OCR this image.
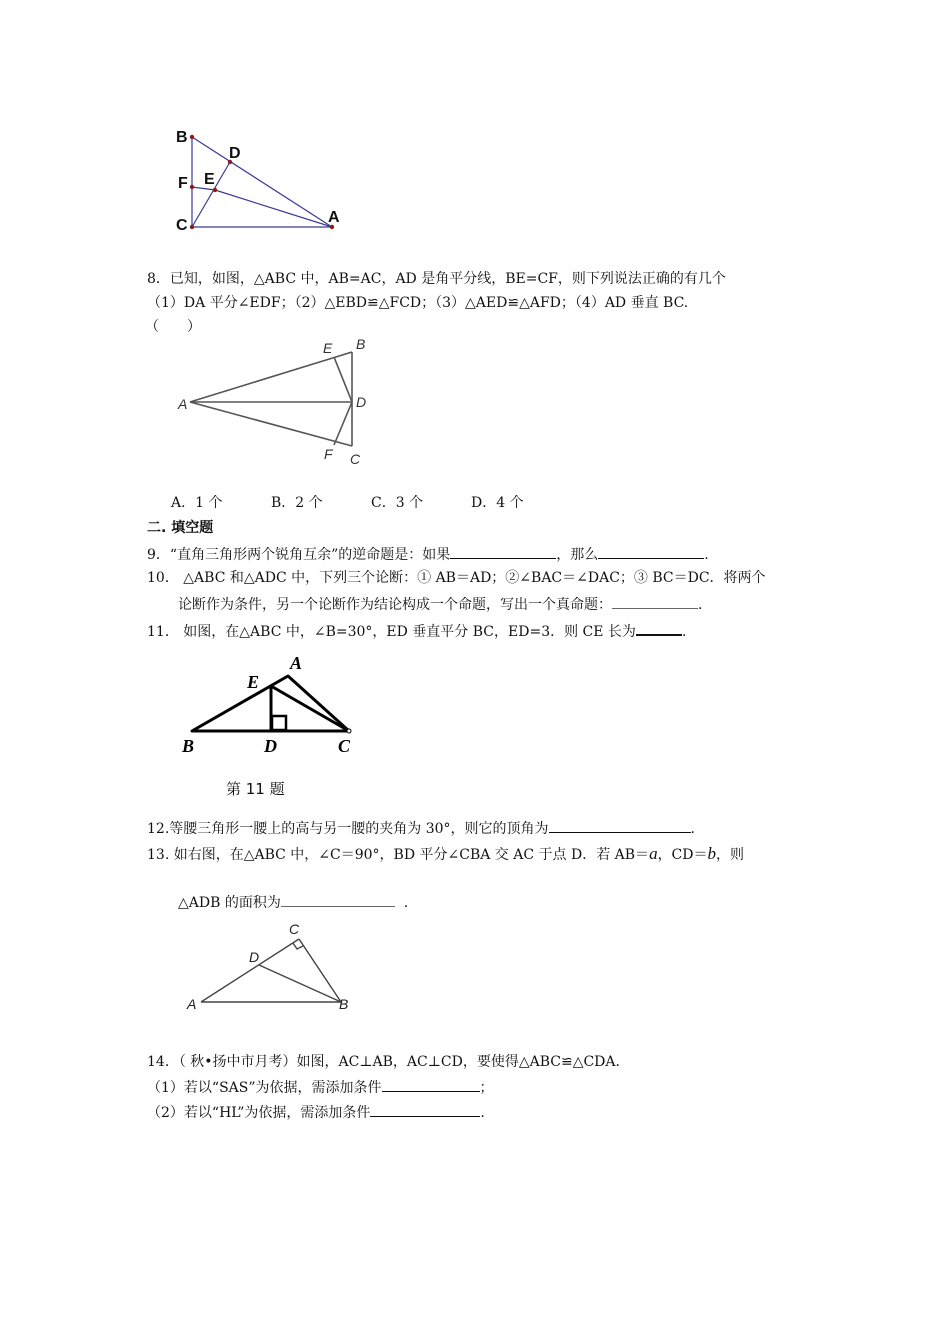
B
D
F E
C	A
8．已知，如图，△ABC 中，AB=AC，AD 是角平分线，BE=CF，则下列说法正确的有几个
（1）DA 平分∠EDF；（2）△EBD≌△FCD；（3）△AED≌△AFD；（4）AD 垂直 BC.
（　　）
E B
A	D
F C
A．1 个	B．2 个	C．3 个	D．4 个
二. 填空题
9．“直角三角形两个锐角互余”的逆命题是：如果	，那么	.
10． △ABC 和△ADC 中，下列三个论断：① AB＝AD；②∠BAC＝∠DAC；③ BC＝DC．将两个
论断作为条件，另一个论断作为结论构成一个命题，写出一个真命题：	.
11． 如图，在△ABC 中，∠B=30°，ED 垂直平分 BC，ED=3．则 CE 长为	.
A
E
B	D	C
第 11 题
12.等腰三角形一腰上的高与另一腰的夹角为 30°，则它的顶角为	.
13. 如右图，在△ABC 中，∠C＝90°，BD 平分∠CBA 交 AC 于点 D．若 AB＝a，CD＝b，则
△ADB 的面积为	.
C
D
A	B
14．（ 秋•扬中市月考）如图，AC⊥AB，AC⊥CD，要使得△ABC≌△CDA．
（1）若以“SAS”为依据，需添加条件	；
（2）若以“HL”为依据，需添加条件	.
